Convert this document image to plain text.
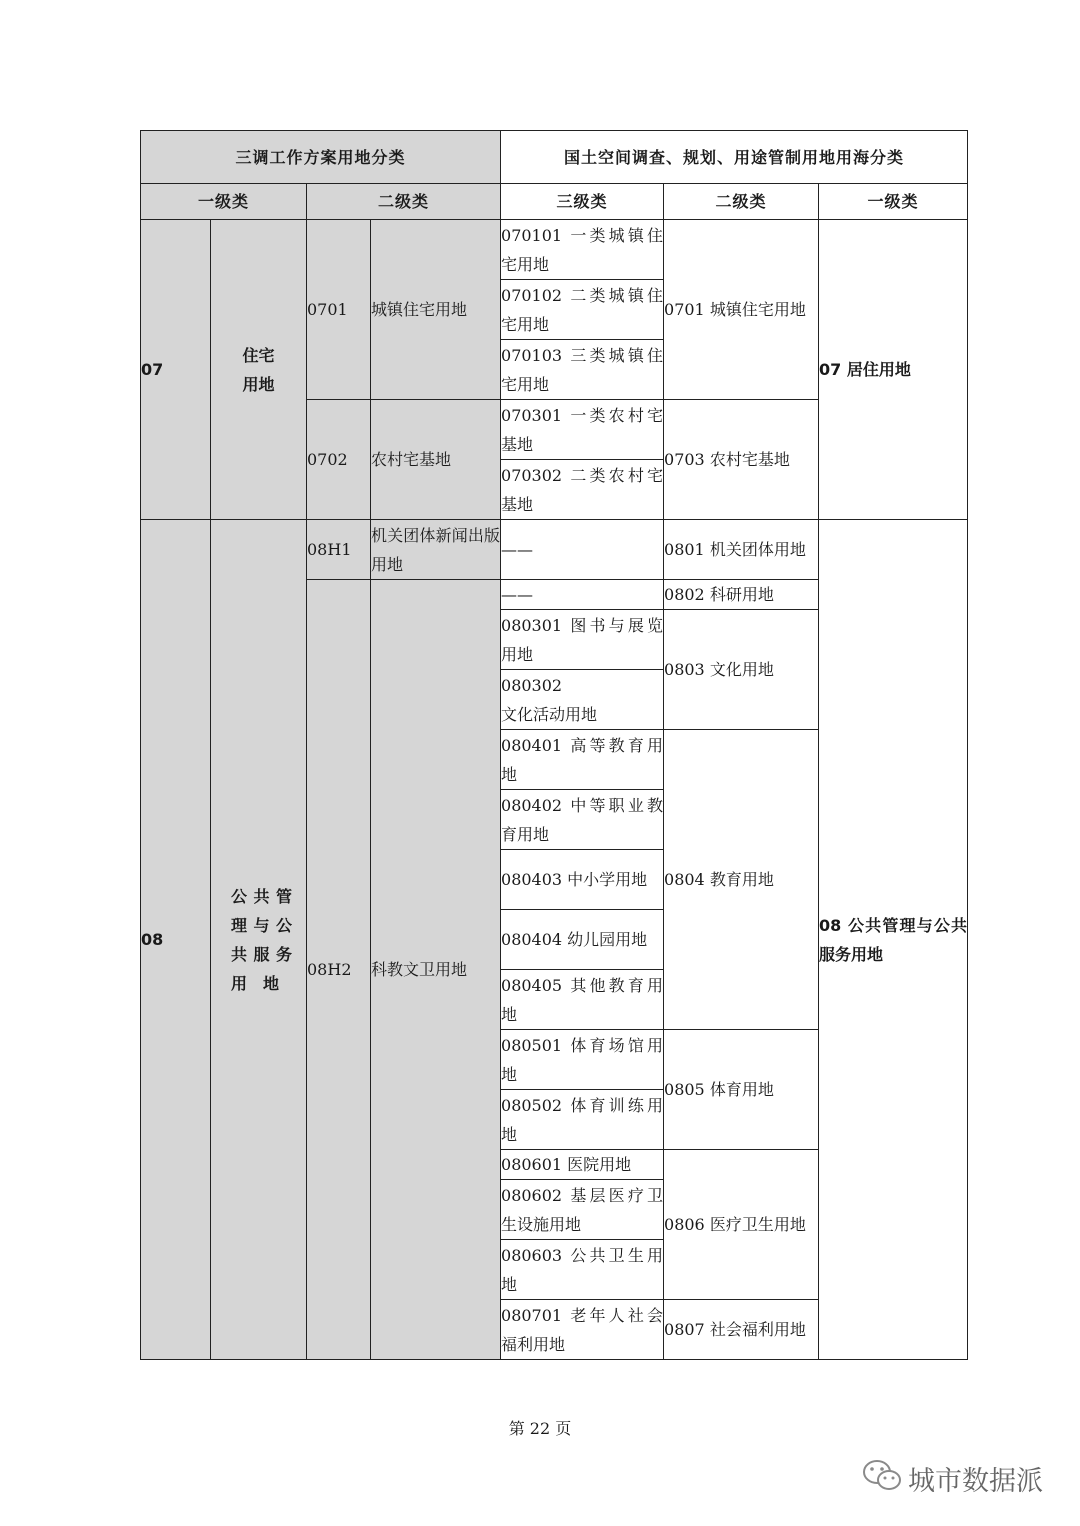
三调工作方案用地分类				国土空间调查、规划、用途管制用地用海分类		
一级类		二级类		三级类	二级类	一级类
07	住宅
用地	0701	城镇住宅用地	070101 一类城镇住宅用地	0701 城镇住宅用地	07 居住用地
				070102 二类城镇住宅用地		
				070103 三类城镇住宅用地		
		0702	农村宅基地	070301 一类农村宅基地	0703 农村宅基地	
				070302 二类农村宅基地		
08	公共管理与公共服务用　地	08H1	机关团体新闻出版用地	——	0801 机关团体用地	08 公共管理与公共服务用地
		08H2	科教文卫用地	——	0802 科研用地	
				080301 图书与展览用地	0803 文化用地	
				080302
文化活动用地		
				080401 高等教育用地	0804 教育用地	
				080402 中等职业教育用地		
				080403 中小学用地		
				080404 幼儿园用地		
				080405 其他教育用地		
				080501 体育场馆用地	0805 体育用地	
				080502 体育训练用地		
				080601 医院用地	0806 医疗卫生用地	
				080602 基层医疗卫生设施用地		
				080603 公共卫生用地		
				080701 老年人社会福利用地	0807 社会福利用地	
第 22 页
城市数据派
